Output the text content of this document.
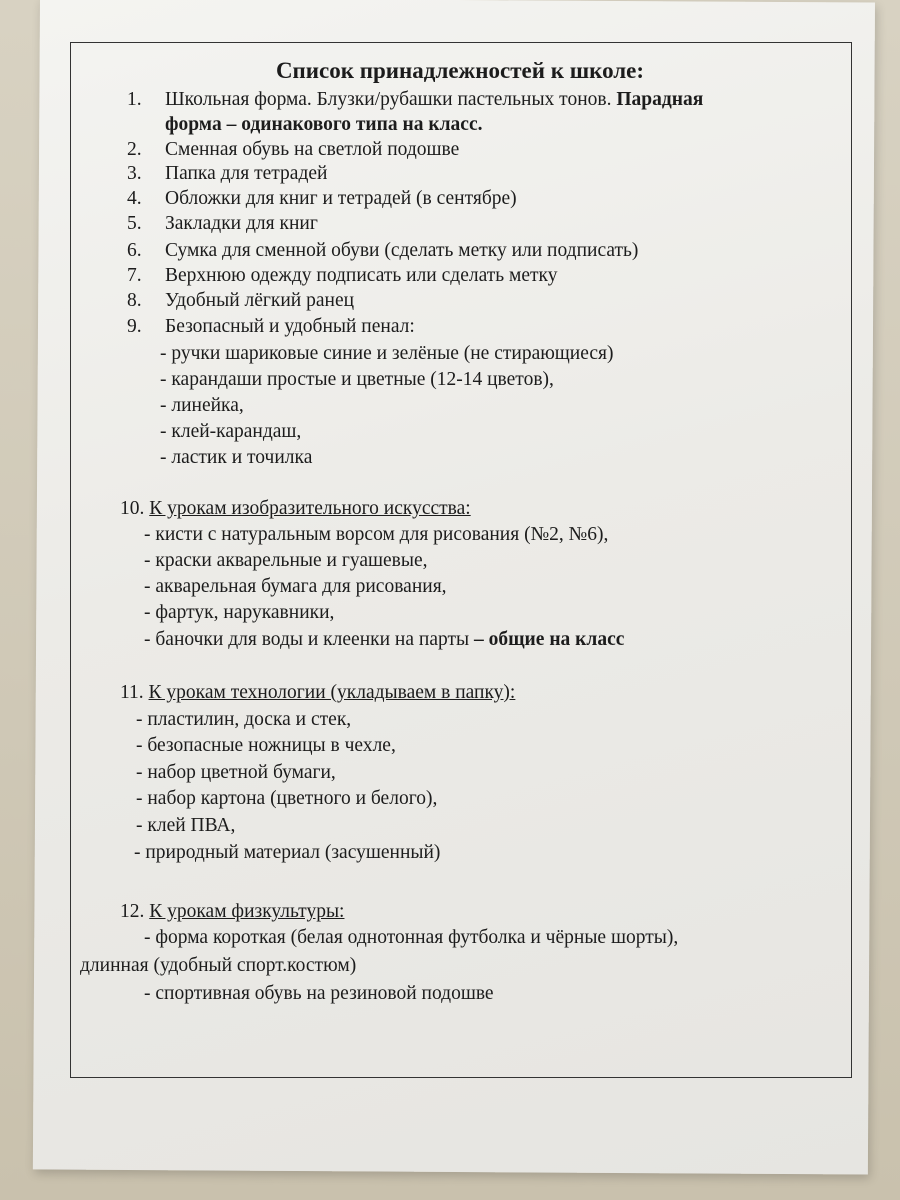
Список принадлежностей к школе:
1. Школьная форма. Блузки/рубашки пастельных тонов. Парадная
форма – одинакового типа на класс.
2. Сменная обувь на светлой подошве
3. Папка для тетрадей
4. Обложки для книг и тетрадей (в сентябре)
5. Закладки для книг
6. Сумка для сменной обуви (сделать метку или подписать)
7. Верхнюю одежду подписать или сделать метку
8. Удобный лёгкий ранец
9. Безопасный и удобный пенал:
- ручки шариковые синие и зелёные (не стирающиеся)
- карандаши простые и цветные (12-14 цветов),
- линейка,
- клей-карандаш,
- ластик и точилка
10. К урокам изобразительного искусства:
- кисти с натуральным ворсом для рисования (№2, №6),
- краски акварельные и гуашевые,
- акварельная бумага для рисования,
- фартук, нарукавники,
- баночки для воды и клеенки на парты – общие на класс
11. К урокам технологии (укладываем в папку):
- пластилин, доска и стек,
- безопасные ножницы в чехле,
- набор цветной бумаги,
- набор картона (цветного и белого),
- клей ПВА,
- природный материал (засушенный)
12. К урокам физкультуры:
- форма короткая (белая однотонная футболка и чёрные шорты),
длинная (удобный спорт.костюм)
- спортивная обувь на резиновой подошве
